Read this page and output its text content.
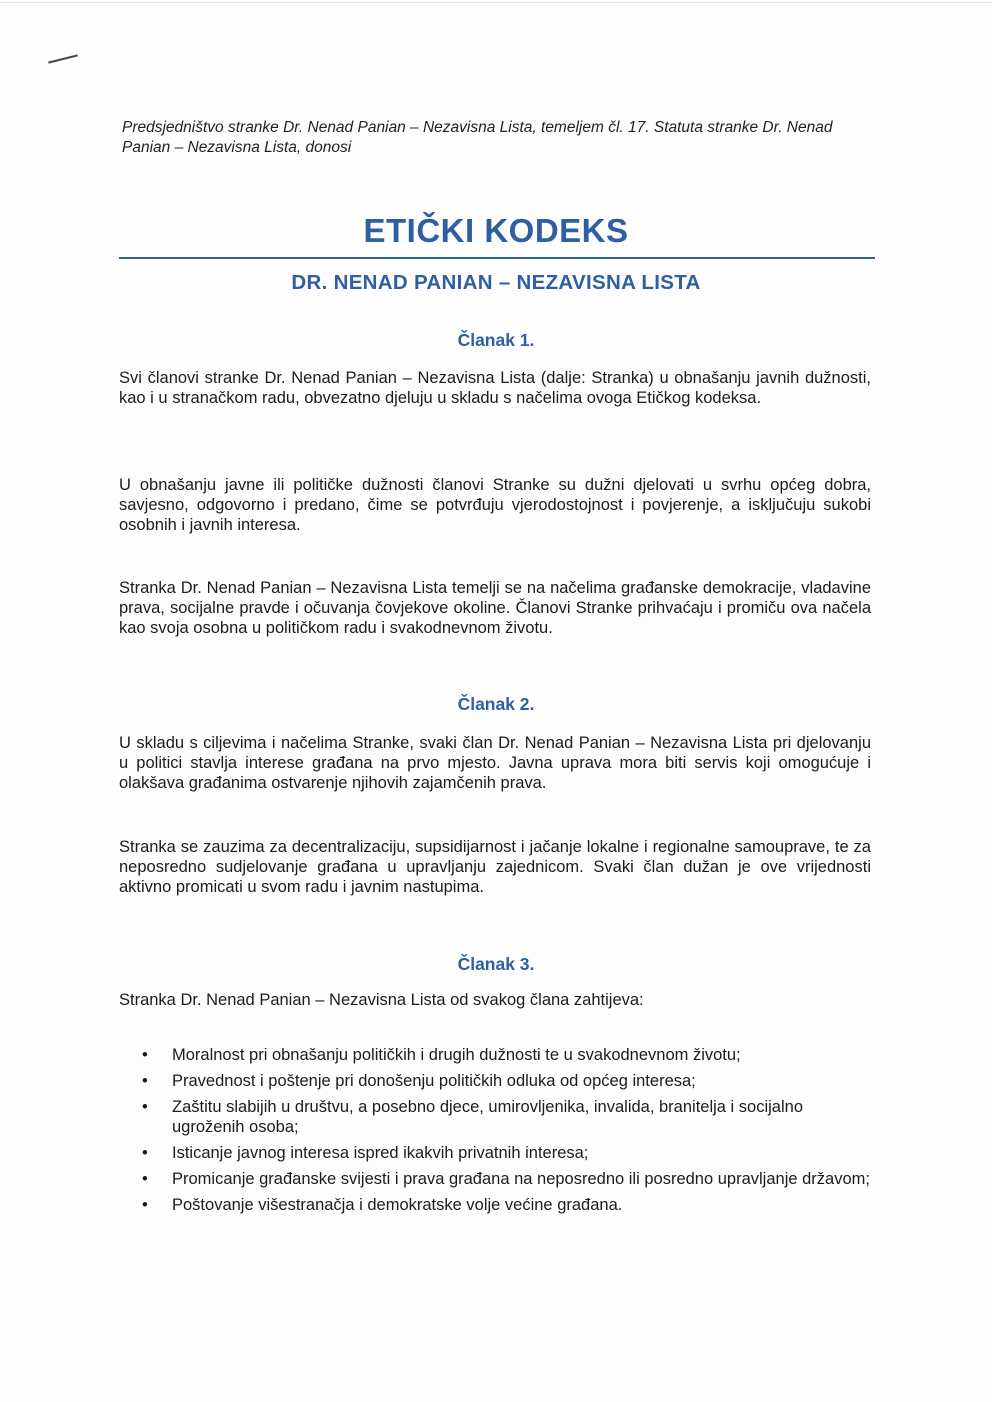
Predsjedništvo stranke Dr. Nenad Panian – Nezavisna Lista, temeljem čl. 17. Statuta stranke Dr. Nenad Panian – Nezavisna Lista, donosi
ETIČKI KODEKS
DR. NENAD PANIAN – NEZAVISNA LISTA
Članak 1.
Svi članovi stranke Dr. Nenad Panian – Nezavisna Lista (dalje: Stranka) u obnašanju javnih dužnosti, kao i u stranačkom radu, obvezatno djeluju u skladu s načelima ovoga Etičkog kodeksa.
U obnašanju javne ili političke dužnosti članovi Stranke su dužni djelovati u svrhu općeg dobra, savjesno, odgovorno i predano, čime se potvrđuju vjerodostojnost i povjerenje, a isključuju sukobi osobnih i javnih interesa.
Stranka Dr. Nenad Panian – Nezavisna Lista temelji se na načelima građanske demokracije, vladavine prava, socijalne pravde i očuvanja čovjekove okoline. Članovi Stranke prihvaćaju i promiču ova načela kao svoja osobna u političkom radu i svakodnevnom životu.
Članak 2.
U skladu s ciljevima i načelima Stranke, svaki član Dr. Nenad Panian – Nezavisna Lista pri djelovanju u politici stavlja interese građana na prvo mjesto. Javna uprava mora biti servis koji omogućuje i olakšava građanima ostvarenje njihovih zajamčenih prava.
Stranka se zauzima za decentralizaciju, supsidijarnost i jačanje lokalne i regionalne samouprave, te za neposredno sudjelovanje građana u upravljanju zajednicom. Svaki član dužan je ove vrijednosti aktivno promicati u svom radu i javnim nastupima.
Članak 3.
Stranka Dr. Nenad Panian – Nezavisna Lista od svakog člana zahtijeva:
•	Moralnost pri obnašanju političkih i drugih dužnosti te u svakodnevnom životu;
•	Pravednost i poštenje pri donošenju političkih odluka od općeg interesa;
•	Zaštitu slabijih u društvu, a posebno djece, umirovljenika, invalida, branitelja i socijalno ugroženih osoba;
•	Isticanje javnog interesa ispred ikakvih privatnih interesa;
•	Promicanje građanske svijesti i prava građana na neposredno ili posredno upravljanje državom;
•	Poštovanje višestranačja i demokratske volje većine građana.
